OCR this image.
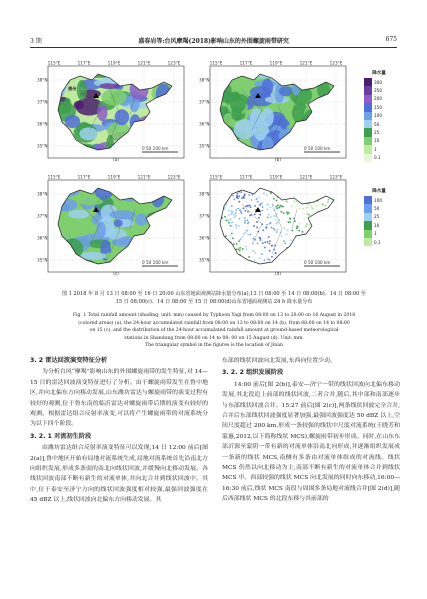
3 期	盛春岩等:台风摩羯(2018)影响山东的外围螺旋雨带研究	675
115°E	117°E	119°E	121°E	123°E
38°N
37°N
36°N
35°N
德州
0 50 100 km
(a)
115°E	117°E	119°E	121°E	123°E
38°N
37°N
36°N
35°N	0 50 100 km
(b)
115°E	117°E	119°E	121°E	123°E
38°N
37°N
36°N
35°N	0 50 100 km
(c)
115°E	117°E	119°E	121°E	123°E
38°N
37°N
36°N
35°N	0 50 100 km
(d)
降水量
300
250
200
150
100
50
25
10
1
0.1
降水量
100
50
25
10
1
0.1
图 1 2018 年 8 月 13 日 08:00 至 16 日 20:00 山东省地面观测站降水量分布(a),13 日 08:00 至 14 日 08:00(b)、14 日 08:00 至
15 日 08:00(c)、14 日 08:00 至 15 日 08:00(d)山东省地面观测站 24 h 降水量分布
Fig. 1 Total rainfall amount (shading, unit: mm) caused by Typhoon Yagi from 08:00 on 13 to 20:00 on 16 August in 2018
(colored areas) (a), the 24-hour accumulated rainfall from 08:00 on 13 to 08:00 on 14 (b), from 08:00 on 14 to 08:00
on 15 (c), and the distribution of the 24-hour accumulated rainfall amount at ground-based meteorological
stations in Shandong from 08:00 on 14 to 08: 00 on 15 August (d). Unit: mm.
The triangular symbol in the figures is the location of Jinan
3. 2 雷达回波演变特征分析
为分析台风“摩羯”影响山东的外围螺旋雨带的发生特征,对 14—15 日的雷达回波演变特征进行了分析。由于螺旋雨带发生在鲁中地区,并向北偏东方向移动发展,山东潍坊雷达与螺旋雨带的演变过程有较好的观测,位于鲁东南的临沂雷达对螺旋雨带后期的演变有较好的观测。根据雷达组合反射率演变,可以将产生螺旋雨带的对流系统分为以下四个阶段。
3. 2. 1 对流初生阶段
由潍坊雷达组合反射率演变特征可以发现,14 日 12:00 前后[图 2(a)],鲁中地区开始有局地对流系统生成,局地对流系统首先沿南北方向组织发展,形成多条弱的南北向线状回波,并缓慢向北移动发展。各线状回波南部不断有新生的对流单体,并向北合并到线状回波中。其中,位于泰安至济宁方向的线状回波强度相对较强,最强回波强度在 45 dBZ 以上,线状回波向北偏东方向移动发展。其
东部的线状回波向北发展,东西向位置少动。
3. 2. 2 组织发展阶段
14:00 前后[图 2(b)],泰安—济宁一带的线状回波向北偏东移动发展,其北段追上前部的线状回波,二者合并,随后,其中部和南部逐步与东部线状回波合并。15:27 前后[图 2(c)],两条线状回波完全合并,合并后东部线状回波强度显著加强,最强回波强度达 50 dBZ 以上,空间尺度超过 200 km,形成一条较强的线状中尺度对流系统(王晓芳和蒙惠,2012,以下简称线状 MCS),螺旋雨带初步形成。同时,在山东东部沂源至蒙阴一带有新的对流单体沿南北向形成,并逐渐组织发展成一条新的线状 MCS,南侧有多条由对流单体组成的对流线。线状 MCS 仍然以向北移动为主,南部不断有新生的对流单体合并到线状 MCS 中。西部较强的线状 MCS 向北发展的同时向东移动,16:00—16:30 前后,线状 MCS 南段与周围多条局地对流线合并[图 2(d)],随后西部线状 MCS 的北段东移与其前部的
